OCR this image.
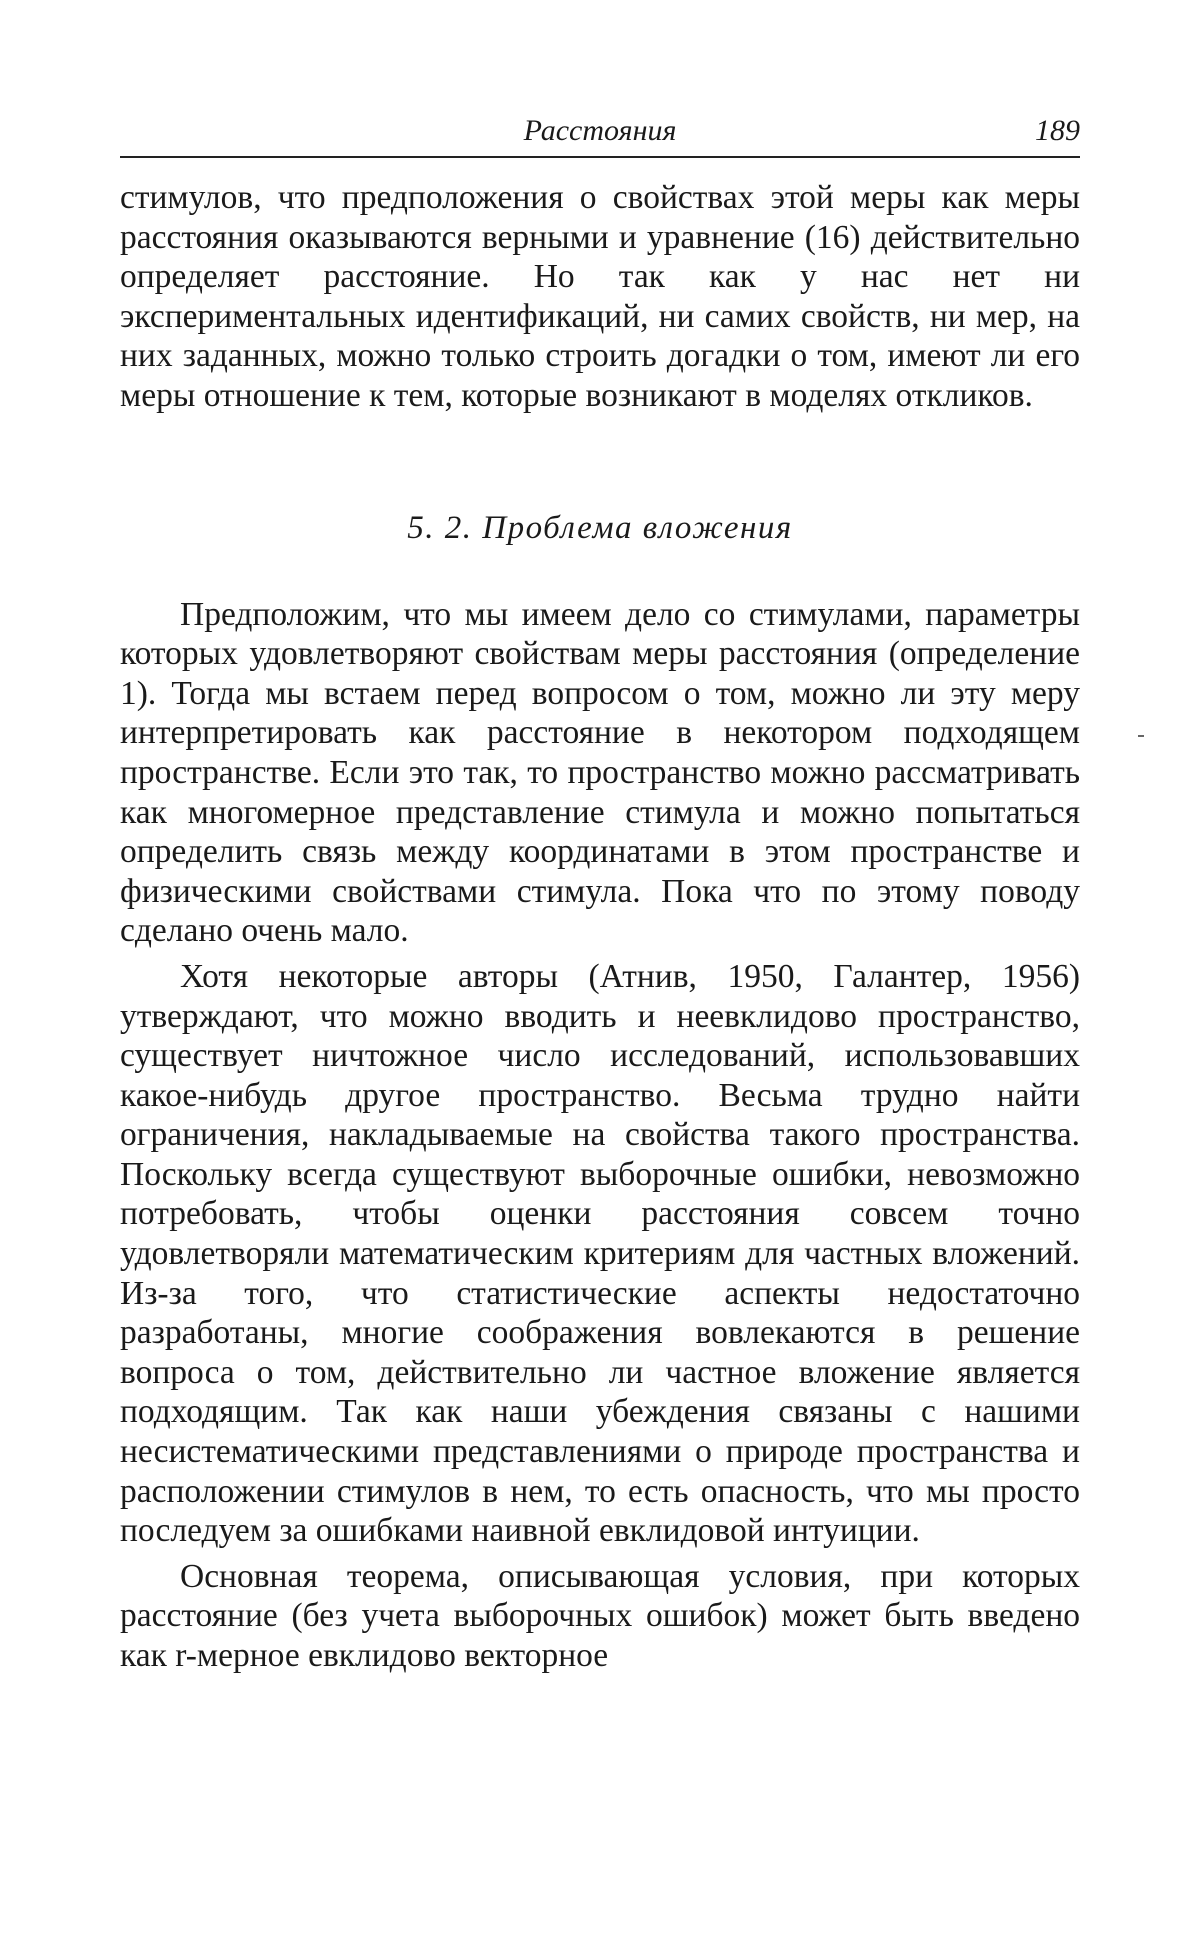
Расстояния	189

стимулов, что предположения о свойствах этой меры как меры расстояния оказываются верными и уравнение (16) действительно определяет расстояние. Но так как у нас нет ни экспериментальных идентификаций, ни самих свойств, ни мер, на них заданных, можно только строить догадки о том, имеют ли его меры отношение к тем, которые возникают в моделях откликов.

5. 2. Проблема вложения

Предположим, что мы имеем дело со стимулами, параметры которых удовлетворяют свойствам меры расстояния (определение 1). Тогда мы встаем перед вопросом о том, можно ли эту меру интерпретировать как расстояние в некотором подходящем пространстве. Если это так, то пространство можно рассматривать как многомерное представление стимула и можно попытаться определить связь между координатами в этом пространстве и физическими свойствами стимула. Пока что по этому поводу сделано очень мало.

Хотя некоторые авторы (Атнив, 1950, Галантер, 1956) утверждают, что можно вводить и неевклидово пространство, существует ничтожное число исследований, использовавших какое-нибудь другое пространство. Весьма трудно найти ограничения, накладываемые на свойства такого пространства. Поскольку всегда существуют выборочные ошибки, невозможно потребовать, чтобы оценки расстояния совсем точно удовлетворяли математическим критериям для частных вложений. Из-за того, что статистические аспекты недостаточно разработаны, многие соображения вовлекаются в решение вопроса о том, действительно ли частное вложение является подходящим. Так как наши убеждения связаны с нашими несистематическими представлениями о природе пространства и расположении стимулов в нем, то есть опасность, что мы просто последуем за ошибками наивной евклидовой интуиции.

Основная теорема, описывающая условия, при которых расстояние (без учета выборочных ошибок) может быть введено как r-мерное евклидово векторное
